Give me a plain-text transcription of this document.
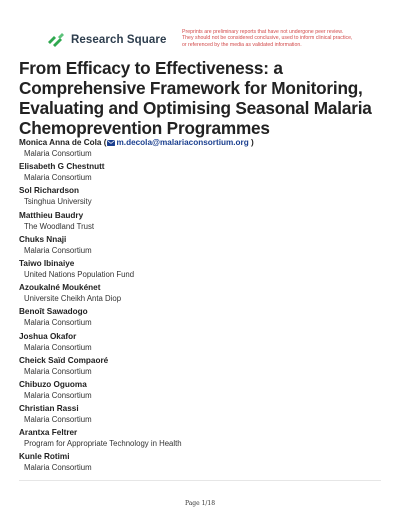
Research Square
Preprints are preliminary reports that have not undergone peer review.
They should not be considered conclusive, used to inform clinical practice,
or referenced by the media as validated information.
From Efficacy to Effectiveness: a Comprehensive Framework for Monitoring, Evaluating and Optimising Seasonal Malaria Chemoprevention Programmes
Monica Anna de Cola ( m.decola@malariaconsortium.org )
Malaria Consortium
Elisabeth G Chestnutt
Malaria Consortium
Sol Richardson
Tsinghua University
Matthieu Baudry
The Woodland Trust
Chuks Nnaji
Malaria Consortium
Taiwo Ibinaiye
United Nations Population Fund
Azoukalné Moukénet
Universite Cheikh Anta Diop
Benoît Sawadogo
Malaria Consortium
Joshua Okafor
Malaria Consortium
Cheick Saïd Compaoré
Malaria Consortium
Chibuzo Oguoma
Malaria Consortium
Christian Rassi
Malaria Consortium
Arantxa Feltrer
Program for Appropriate Technology in Health
Kunle Rotimi
Malaria Consortium
Page 1/18
